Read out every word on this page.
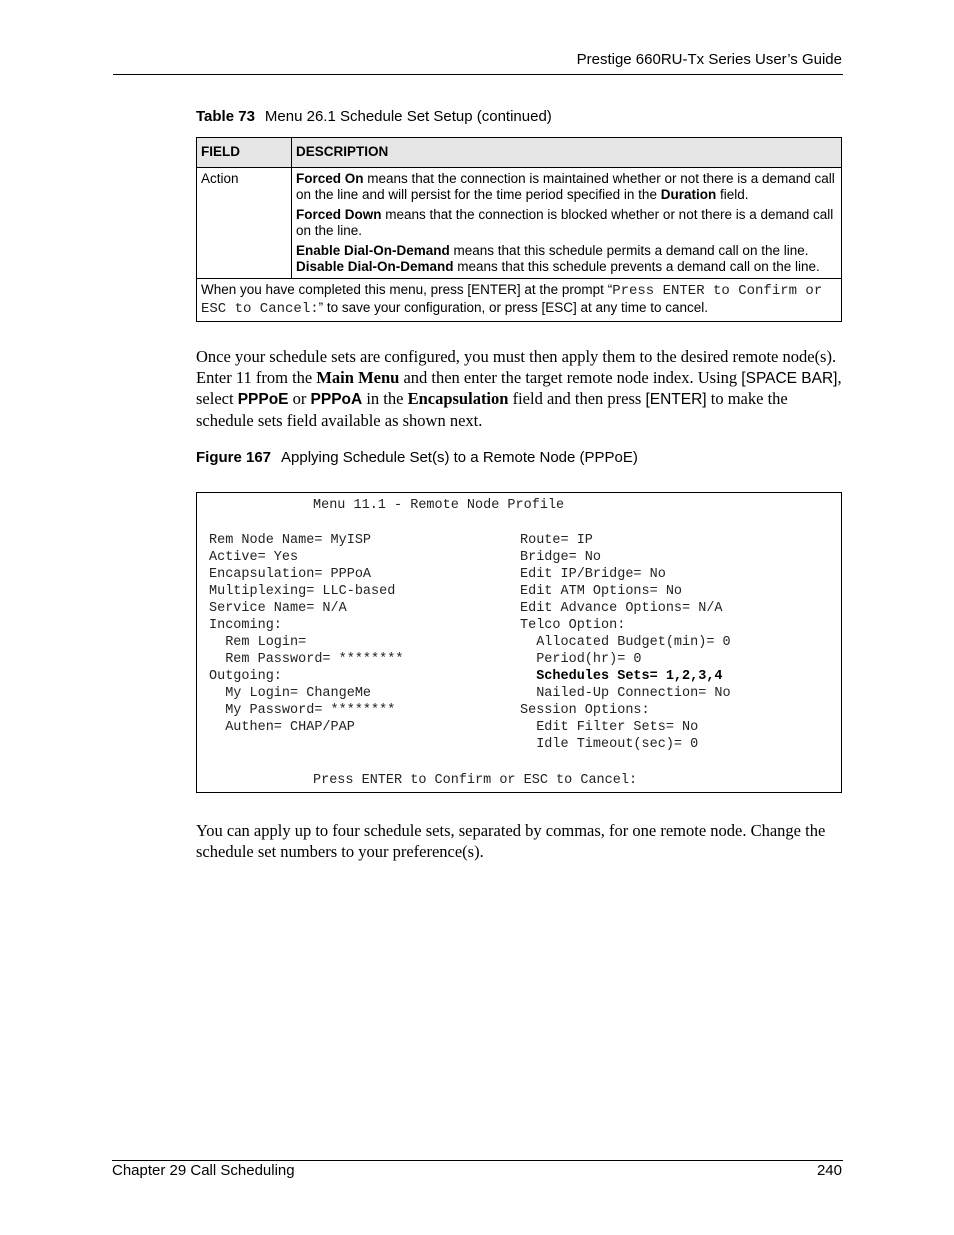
Prestige 660RU-Tx Series User’s Guide
Table 73 Menu 26.1 Schedule Set Setup (continued)
FIELD	DESCRIPTION
Action	Forced On means that the connection is maintained whether or not there is a demand call on the line and will persist for the time period specified in the Duration field.

Forced Down means that the connection is blocked whether or not there is a demand call on the line.

Enable Dial-On-Demand means that this schedule permits a demand call on the line.
Disable Dial-On-Demand means that this schedule prevents a demand call on the line.

When you have completed this menu, press [ENTER] at the prompt “Press ENTER to Confirm or ESC to Cancel:” to save your configuration, or press [ESC] at any time to cancel.	
Once your schedule sets are configured, you must then apply them to the desired remote node(s). Enter 11 from the Main Menu and then enter the target remote node index. Using [SPACE BAR], select PPPoE or PPPoA in the Encapsulation field and then press [ENTER] to make the schedule sets field available as shown next.
Figure 167 Applying Schedule Set(s) to a Remote Node (PPPoE)
Menu 11.1 - Remote Node Profile
Rem Node Name= MyISP
Active= Yes
Encapsulation= PPPoA
Multiplexing= LLC-based
Service Name= N/A
Incoming:
Rem Login=
Rem Password= ********
Outgoing:
My Login= ChangeMe
My Password= ********
Authen= CHAP/PAP
Route= IP
Bridge= No
Edit IP/Bridge= No
Edit ATM Options= No
Edit Advance Options= N/A
Telco Option:
Allocated Budget(min)= 0
Period(hr)= 0
Schedules Sets= 1,2,3,4
Nailed-Up Connection= No
Session Options:
Edit Filter Sets= No
Idle Timeout(sec)= 0
Press ENTER to Confirm or ESC to Cancel:
You can apply up to four schedule sets, separated by commas, for one remote node. Change the schedule set numbers to your preference(s).
Chapter 29 Call Scheduling	240
